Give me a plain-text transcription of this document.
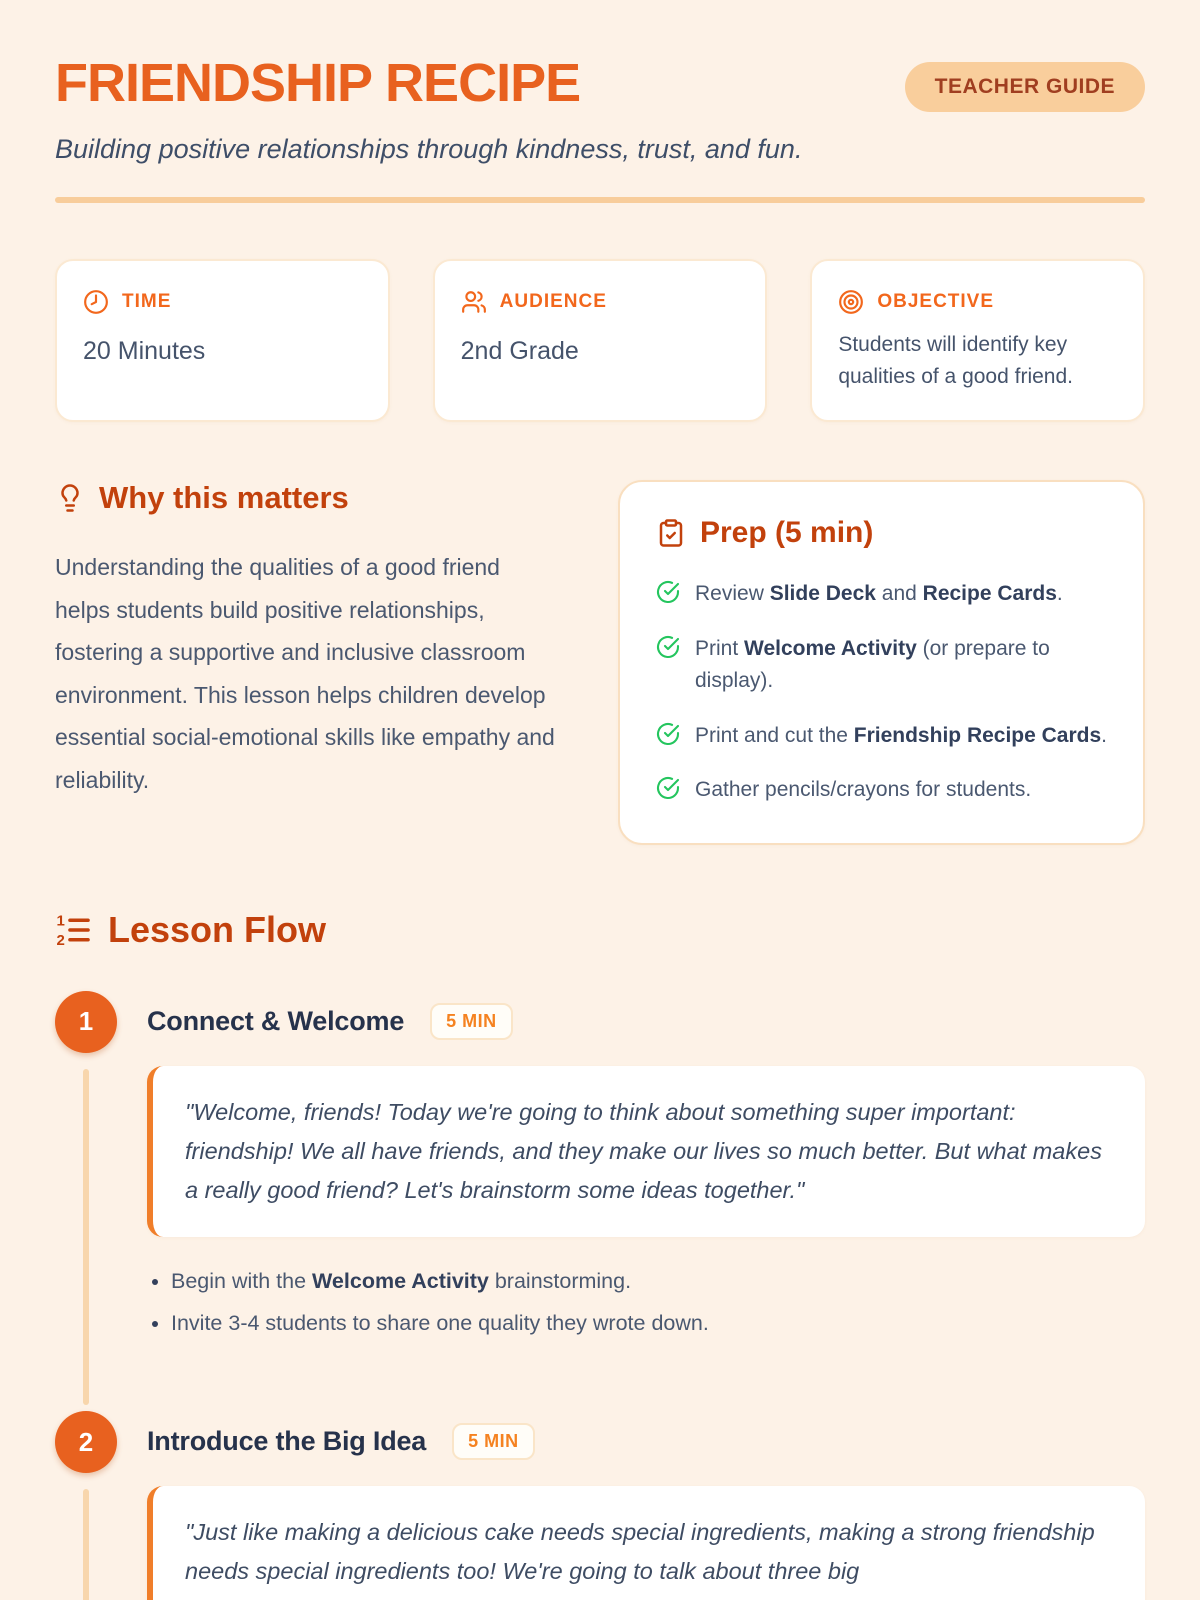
FRIENDSHIP RECIPE	TEACHER GUIDE
Building positive relationships through kindness, trust, and fun.
TIME
20 Minutes
AUDIENCE
2nd Grade
OBJECTIVE
Students will identify key qualities of a good friend.
Why this matters
Understanding the qualities of a good friend helps students build positive relationships, fostering a supportive and inclusive classroom environment. This lesson helps children develop essential social-emotional skills like empathy and reliability.
Prep (5 min)
Review Slide Deck and Recipe Cards.
Print Welcome Activity (or prepare to display).
Print and cut the Friendship Recipe Cards.
Gather pencils/crayons for students.
1
2 Lesson Flow
1	Connect & Welcome	5 MIN
"Welcome, friends! Today we're going to think about something super important: friendship! We all have friends, and they make our lives so much better. But what makes a really good friend? Let's brainstorm some ideas together."
• Begin with the Welcome Activity brainstorming.
• Invite 3-4 students to share one quality they wrote down.
2	Introduce the Big Idea	5 MIN
"Just like making a delicious cake needs special ingredients, making a strong friendship needs special ingredients too! We're going to talk about three big
